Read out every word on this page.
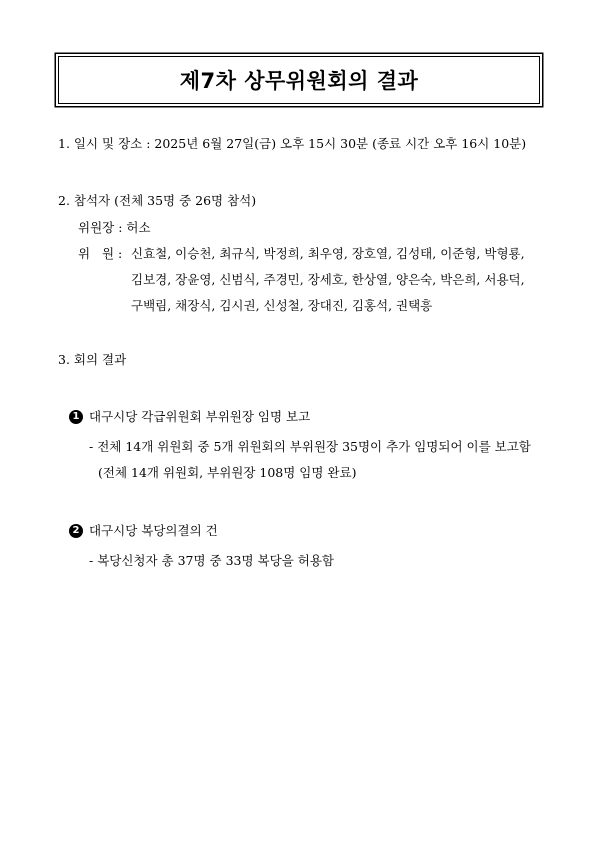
제7차 상무위원회의 결과
1. 일시 및 장소 : 2025년 6월 27일(금) 오후 15시 30분 (종료 시간 오후 16시 10분)
2. 참석자 (전체 35명 중 26명 참석)
위원장 : 허소
위   원 : 신효철, 이승천, 최규식, 박정희, 최우영, 장호열, 김성태, 이준형, 박형룡,
김보경, 장윤영, 신범식, 주경민, 장세호, 한상열, 양은숙, 박은희, 서용덕,
구백림, 채장식, 김시권, 신성철, 장대진, 김홍석, 권택흥
3. 회의 결과
1 대구시당 각급위원회 부위원장 임명 보고
- 전체 14개 위원회 중 5개 위원회의 부위원장 35명이 추가 임명되어 이를 보고함
(전체 14개 위원회, 부위원장 108명 임명 완료)
2 대구시당 복당의결의 건
- 복당신청자 총 37명 중 33명 복당을 허용함
